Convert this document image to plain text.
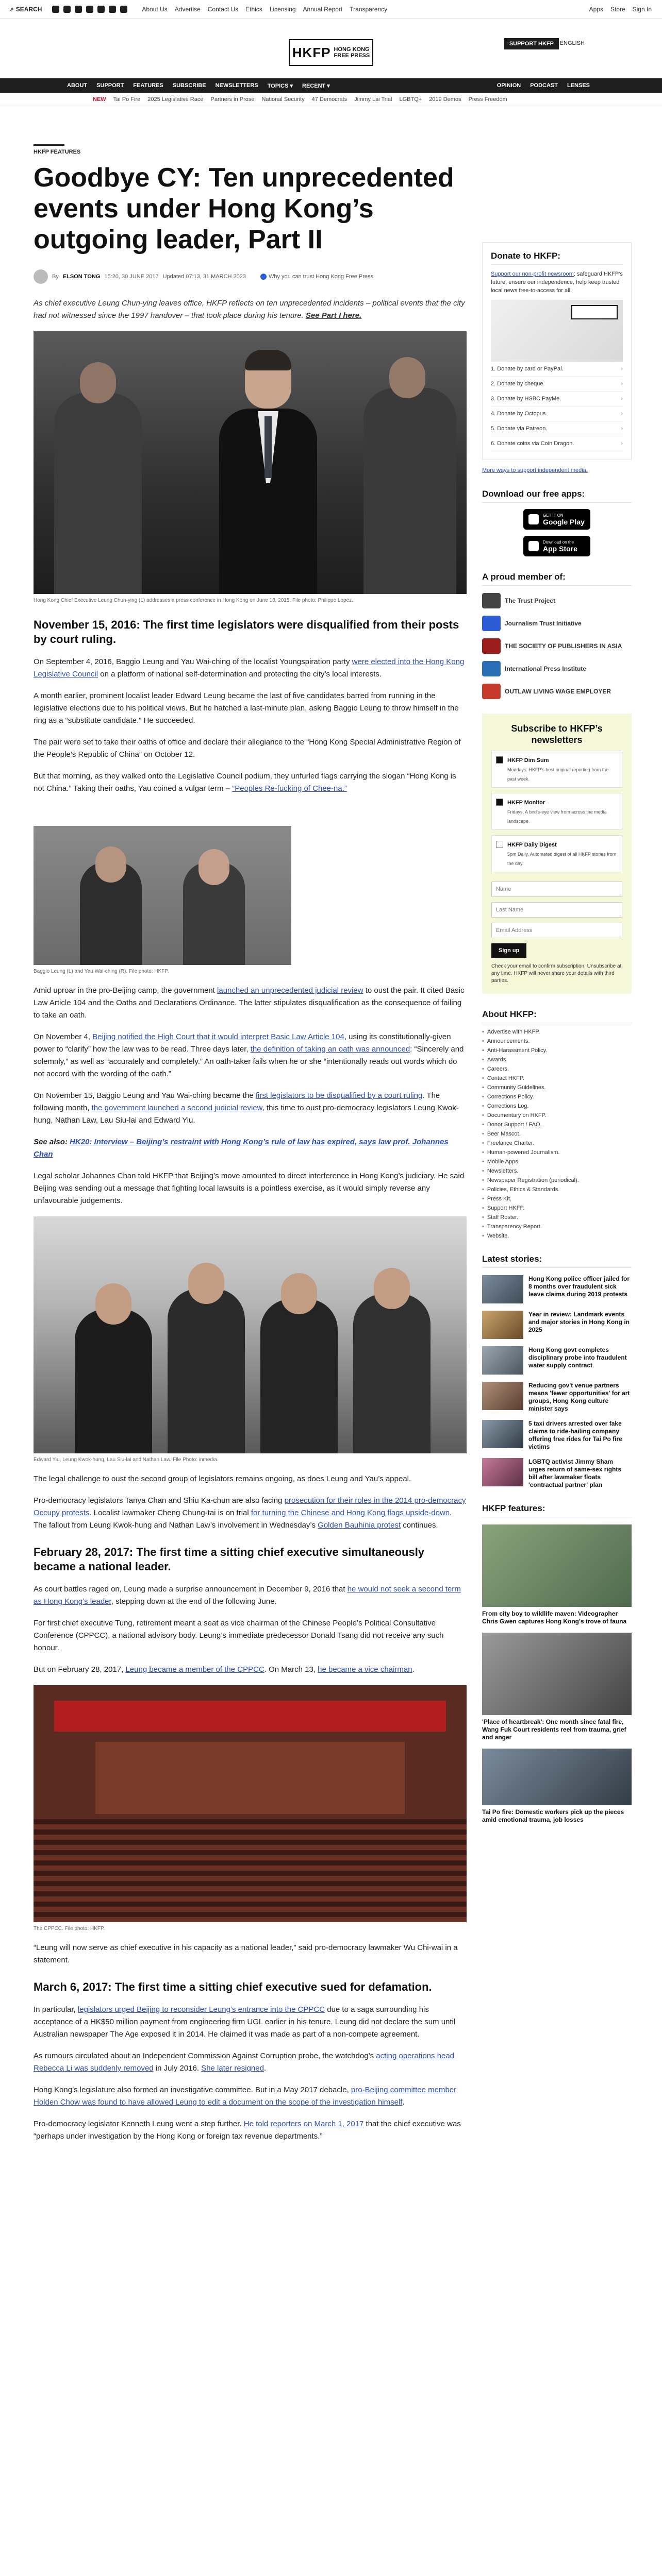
⌕ SEARCH	About Us Advertise Contact Us Ethics Licensing Annual Report Transparency	Apps Store Sign In
HKFP HONG KONG
FREE PRESS
SUPPORT HKFP	ENGLISH
ABOUT SUPPORT FEATURES SUBSCRIBE NEWSLETTERS TOPICS ▾ RECENT ▾	OPINION PODCAST LENSES
NEW Tai Po Fire 2025 Legislative Race Partners in Prose National Security 47 Democrats Jimmy Lai Trial LGBTQ+ 2019 Demos Press Freedom
HKFP FEATURES
Goodbye CY: Ten unprecedented events under Hong Kong’s outgoing leader, Part II
By ELSON TONG 15:20, 30 JUNE 2017 Updated 07:13, 31 MARCH 2023	Why you can trust Hong Kong Free Press

As chief executive Leung Chun-ying leaves office, HKFP reflects on ten unprecedented incidents – political events that the city had not witnessed since the 1997 handover – that took place during his tenure. See Part I here.

Hong Kong Chief Executive Leung Chun-ying (L) addresses a press conference in Hong Kong on June 18, 2015. File photo: Philippe Lopez.

November 15, 2016: The first time legislators were disqualified from their posts by court ruling.

On September 4, 2016, Baggio Leung and Yau Wai-ching of the localist Youngspiration party were elected into the Hong Kong Legislative Council on a platform of national self-determination and protecting the city’s local interests.

A month earlier, prominent localist leader Edward Leung became the last of five candidates barred from running in the legislative elections due to his political views. But he hatched a last-minute plan, asking Baggio Leung to throw himself in the ring as a “substitute candidate.” He succeeded.

The pair were set to take their oaths of office and declare their allegiance to the “Hong Kong Special Administrative Region of the People’s Republic of China” on October 12.

But that morning, as they walked onto the Legislative Council podium, they unfurled flags carrying the slogan “Hong Kong is not China.” Taking their oaths, Yau coined a vulgar term – “Peoples Re-fucking of Chee-na.”

Baggio Leung (L) and Yau Wai-ching (R). File photo: HKFP.

Amid uproar in the pro-Beijing camp, the government launched an unprecedented judicial review to oust the pair. It cited Basic Law Article 104 and the Oaths and Declarations Ordinance. The latter stipulates disqualification as the consequence of failing to take an oath.

On November 4, Beijing notified the High Court that it would interpret Basic Law Article 104, using its constitutionally-given power to “clarify” how the law was to be read. Three days later, the definition of taking an oath was announced: “Sincerely and solemnly,” as well as “accurately and completely.” An oath-taker fails when he or she “intentionally reads out words which do not accord with the wording of the oath.”

On November 15, Baggio Leung and Yau Wai-ching became the first legislators to be disqualified by a court ruling. The following month, the government launched a second judicial review, this time to oust pro-democracy legislators Leung Kwok-hung, Nathan Law, Lau Siu-lai and Edward Yiu.

See also: HK20: Interview – Beijing’s restraint with Hong Kong’s rule of law has expired, says law prof. Johannes Chan

Legal scholar Johannes Chan told HKFP that Beijing’s move amounted to direct interference in Hong Kong’s judiciary. He said Beijing was sending out a message that fighting local lawsuits is a pointless exercise, as it would simply reverse any unfavourable judgements.

Edward Yiu, Leung Kwok-hung, Lau Siu-lai and Nathan Law. File Photo: inmedia.

The legal challenge to oust the second group of legislators remains ongoing, as does Leung and Yau’s appeal.

Pro-democracy legislators Tanya Chan and Shiu Ka-chun are also facing prosecution for their roles in the 2014 pro-democracy Occupy protests. Localist lawmaker Cheng Chung-tai is on trial for turning the Chinese and Hong Kong flags upside-down. The fallout from Leung Kwok-hung and Nathan Law’s involvement in Wednesday’s Golden Bauhinia protest continues.

February 28, 2017: The first time a sitting chief executive simultaneously became a national leader.

As court battles raged on, Leung made a surprise announcement in December 9, 2016 that he would not seek a second term as Hong Kong’s leader, stepping down at the end of the following June.

For first chief executive Tung, retirement meant a seat as vice chairman of the Chinese People’s Political Consultative Conference (CPPCC), a national advisory body. Leung’s immediate predecessor Donald Tsang did not receive any such honour.

But on February 28, 2017, Leung became a member of the CPPCC. On March 13, he became a vice chairman.

The CPPCC. File photo: HKFP.

“Leung will now serve as chief executive in his capacity as a national leader,” said pro-democracy lawmaker Wu Chi-wai in a statement.

March 6, 2017: The first time a sitting chief executive sued for defamation.

In particular, legislators urged Beijing to reconsider Leung’s entrance into the CPPCC due to a saga surrounding his acceptance of a HK$50 million payment from engineering firm UGL earlier in his tenure. Leung did not declare the sum until Australian newspaper The Age exposed it in 2014. He claimed it was made as part of a non-compete agreement.

As rumours circulated about an Independent Commission Against Corruption probe, the watchdog’s acting operations head Rebecca Li was suddenly removed in July 2016. She later resigned.

Hong Kong’s legislature also formed an investigative committee. But in a May 2017 debacle, pro-Beijing committee member Holden Chow was found to have allowed Leung to edit a document on the scope of the investigation himself.

Pro-democracy legislator Kenneth Leung went a step further. He told reporters on March 1, 2017 that the chief executive was “perhaps under investigation by the Hong Kong or foreign tax revenue departments.”

Donate to HKFP:

Support our non-profit newsroom: safeguard HKFP's future, ensure our independence, help keep trusted local news free-to-access for all.

1. Donate by card or PayPal.	›
2. Donate by cheque.	›
3. Donate by HSBC PayMe.	›
4. Donate by Octopus.	›
5. Donate via Patreon.	›
6. Donate coins via Coin Dragon.	›

More ways to support independent media.

Download our free apps:
GET IT ON
Google Play
Download on the
App Store
A proud member of:
The Trust Project
Journalism Trust Initiative
THE SOCIETY OF PUBLISHERS IN ASIA
International Press Institute
OUTLAW LIVING WAGE EMPLOYER
Subscribe to HKFP’s newsletters
HKFP Dim Sum
Mondays. HKFP's best original reporting from the past week.
HKFP Monitor
Fridays. A bird's-eye view from across the media landscape.
HKFP Daily Digest
5pm Daily. Automated digest of all HKFP stories from the day.
Name Last Name Email Address Sign up

Check your email to confirm subscription. Unsubscribe at any time. HKFP will never share your details with third parties.

About HKFP:
• Advertise with HKFP.
• Announcements.
• Anti-Harassment Policy.
• Awards.
• Careers.
• Contact HKFP.
• Community Guidelines.
• Corrections Policy.
• Corrections Log.
• Documentary on HKFP.
• Donor Support / FAQ.
• Beer Mascot.
• Freelance Charter.
• Human-powered Journalism.
• Mobile Apps.
• Newsletters.
• Newspaper Registration (periodical).
• Policies, Ethics & Standards.
• Press Kit.
• Support HKFP.
• Staff Roster.
• Transparency Report.
• Website.
Latest stories:
Hong Kong police officer jailed for 8 months over fraudulent sick leave claims during 2019 protests
Year in review: Landmark events and major stories in Hong Kong in 2025
Hong Kong govt completes disciplinary probe into fraudulent water supply contract
Reducing gov't venue partners means 'fewer opportunities' for art groups, Hong Kong culture minister says
5 taxi drivers arrested over fake claims to ride-hailing company offering free rides for Tai Po fire victims
LGBTQ activist Jimmy Sham urges return of same-sex rights bill after lawmaker floats 'contractual partner' plan
HKFP features:
From city boy to wildlife maven: Videographer Chris Gwen captures Hong Kong's trove of fauna
'Place of heartbreak': One month since fatal fire, Wang Fuk Court residents reel from trauma, grief and anger
Tai Po fire: Domestic workers pick up the pieces amid emotional trauma, job losses
